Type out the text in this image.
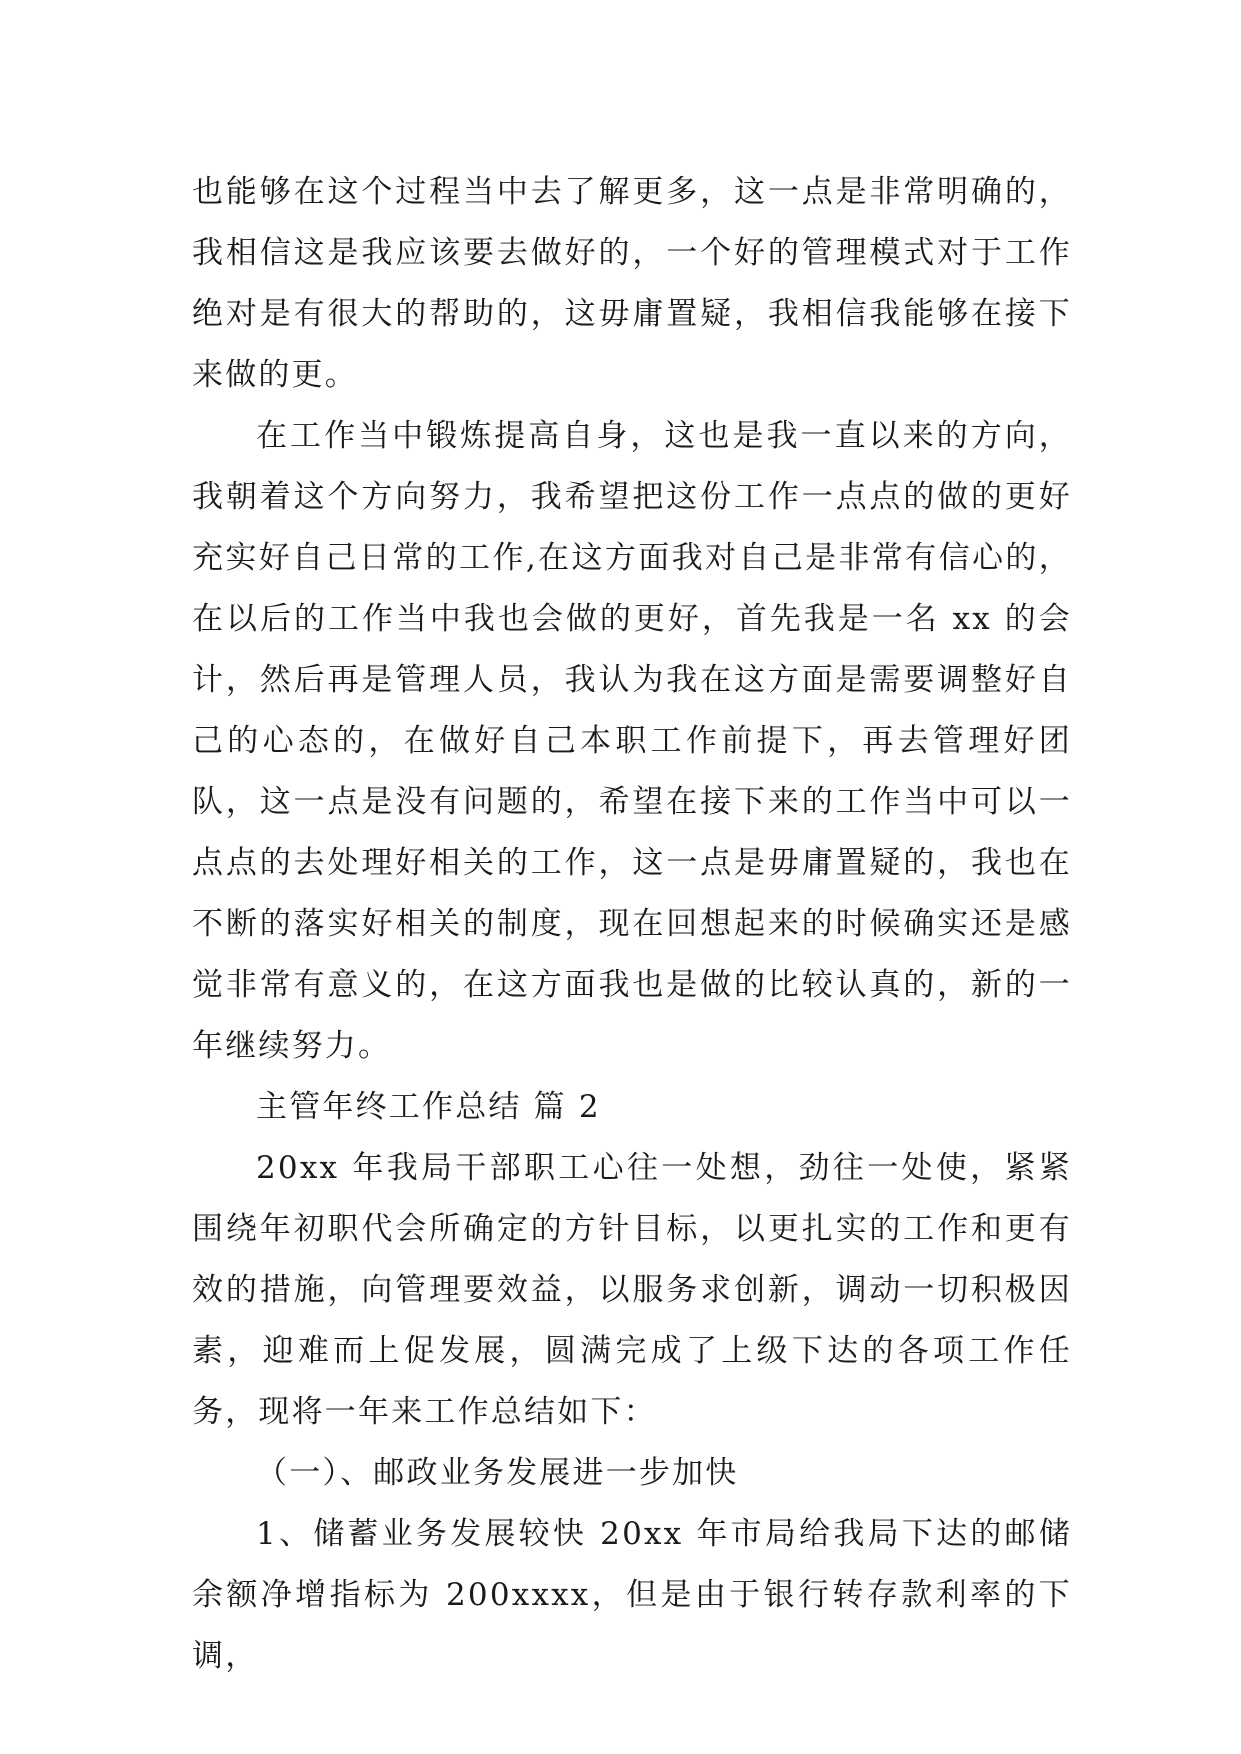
也能够在这个过程当中去了解更多，这一点是非常明确的，我相信这是我应该要去做好的，一个好的管理模式对于工作绝对是有很大的帮助的，这毋庸置疑，我相信我能够在接下来做的更。

在工作当中锻炼提高自身，这也是我一直以来的方向，我朝着这个方向努力，我希望把这份工作一点点的做的更好充实好自己日常的工作,在这方面我对自己是非常有信心的，在以后的工作当中我也会做的更好，首先我是一名 xx 的会计，然后再是管理人员，我认为我在这方面是需要调整好自己的心态的，在做好自己本职工作前提下，再去管理好团队，这一点是没有问题的，希望在接下来的工作当中可以一点点的去处理好相关的工作，这一点是毋庸置疑的，我也在不断的落实好相关的制度，现在回想起来的时候确实还是感觉非常有意义的，在这方面我也是做的比较认真的，新的一年继续努力。

主管年终工作总结 篇 2

20xx 年我局干部职工心往一处想，劲往一处使，紧紧围绕年初职代会所确定的方针目标，以更扎实的工作和更有效的措施，向管理要效益，以服务求创新，调动一切积极因素，迎难而上促发展，圆满完成了上级下达的各项工作任务，现将一年来工作总结如下：

（一）、邮政业务发展进一步加快

1、储蓄业务发展较快 20xx 年市局给我局下达的邮储余额净增指标为 200xxxx，但是由于银行转存款利率的下调，
